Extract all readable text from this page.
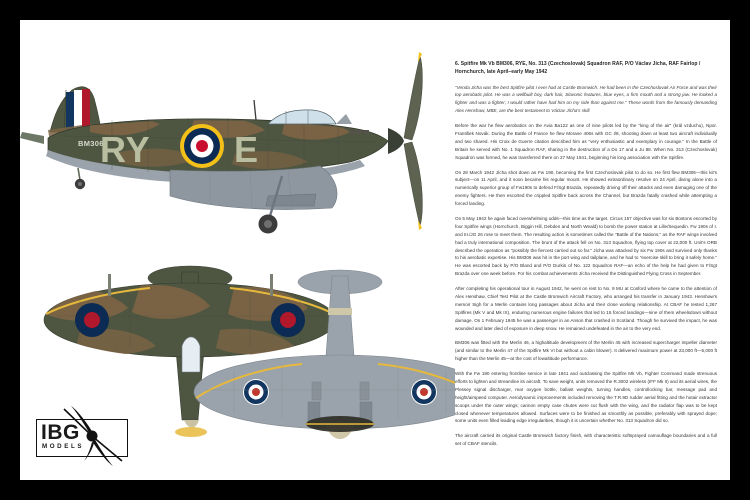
BM306
RY E
IBG
MODELS
6. Spitfire Mk Vb BM306, RYE, No. 313 (Czechoslovak) Squadron RAF, P/O Václav Jícha, RAF Fairlop / Hornchurch, late April–early May 1942
"Venda Jicha was the best Spitfire pilot I ever had at Castle Bromwich. He had been in the Czechoslovak Air Force and was their top aerobatic pilot. He was a wellbuilt boy, dark hair, Slavonic features, blue eyes, a firm mouth and a strong jaw. He looked a fighter and was a fighter; I would rather have had him on my side than against me." These words from the famously demanding Alex Henshaw, MBE, are the best testament to Václav Jícha's skill.
Before the war he flew aerobatics on the Avia Ba122 as one of nine pilots led by the "king of the air" (král vzduchu), Npor. František Novák. During the Battle of France he flew Morane 406s with GC I/8, shooting down at least two aircraft individually and two shared. His Croix de Guerre citation described him as "very enthusiastic and exemplary in courage." In the Battle of Britain he served with No. 1 Squadron RAF, sharing in the destruction of a Do 17 and a Ju 88. When No. 313 (Czechoslovak) Squadron was formed, he was transferred there on 27 May 1941, beginning his long association with the Spitfire.
On 28 March 1942 Jícha shot down an Fw 190, becoming the first Czechoslovak pilot to do so. He first flew BM306—this kit's subject—on 11 April, and it soon became his regular mount. He showed extraordinary resolve on 24 April, diving alone into a numerically superior group of Fw190s to defend F/Sgt Brazda, repeatedly driving off their attacks and even damaging one of the enemy fighters. He then escorted the crippled Spitfire back across the Channel, but Brazda fatally crashed while attempting a forced landing.
On 5 May 1942 he again faced overwhelming odds—this time as the target. Circus 157 objective was for six Bostons escorted by four Spitfire wings (Hornchurch, Biggin Hill, Debden and North Weald) to bomb the power station at Lille/Sequedin. Fw 190s of I. and III./JG 26 rose to meet them. The resulting action is sometimes called the "Battle of the Nations," as the RAF wings involved had a truly international composition. The brunt of the attack fell on No. 313 Squadron, flying top cover at 22,000 ft. Unit's ORB described the operation as "possibly the fiercest carried out so far." Jícha was attacked by six Fw 190s and survived only thanks to his aerobatic expertise. His BM306 was hit in the port wing and tailplane, and he had to "exercise skill to bring it safely home." He was escorted back by P/O Bland and P/O Durkin of No. 122 Squadron RAF—an echo of the help he had given to F/Sgt Brazda over one week before. For his combat achievements Jícha received the Distinguished Flying Cross in September.
After completing his operational tour in August 1942, he went on rest to No. 9 MU at Cosford where he came to the attention of Alex Henshaw, Chief Test Pilot at the Castle Bromwich Aircraft Factory, who arranged his transfer in January 1943. Henshaw's memoir Sigh for a Merlin contains long passages about Jícha and their close working relationship. At CBAF he tested 1,267 Spitfires (Mk V and Mk IX), enduring numerous engine failures that led to 15 forced landings—nine of them wheelsdown without damage. On 1 February 1945 he was a passenger in an Anson that crashed in Scotland. Though he survived the impact, he was wounded and later died of exposure in deep snow. He remained undefeated in the air to the very end.
BM306 was fitted with the Merlin 46, a highaltitude development of the Merlin 45 with increased supercharger impeller diameter (and similar to the Merlin 47 of the Spitfire Mk VI but without a cabin blower). It delivered maximum power at 23,000 ft—5,000 ft higher than the Merlin 45—at the cost of lowaltitude performance.
With the Fw 190 entering frontline service in late 1941 and outclassing the Spitfire Mk Vb, Fighter Command made strenuous efforts to lighten and streamline its aircraft. To save weight, units removed the R.3002 wireless (IFF Mk II) and its aerial wires, the Plessey signal discharger, rear oxygen bottle, ballast weights, turning handles, controllocking bar, message pad and height/airspeed computer. Aerodynamic improvements included removing the T.R.9D rudder aerial fitting and the hotair extractor scoops under the outer wings; cannon empty case chutes were cut flush with the wing, and the radiator flap was to be kept closed whenever temperatures allowed. Surfaces were to be finished as smoothly as possible, preferably with sprayed dope; some units even filled leading edge irregularities, though it is uncertain whether No. 313 Squadron did so.
The aircraft carried its original Castle Bromwich factory finish, with characteristic softsprayed camouflage boundaries and a full set of CBAF stencils.
